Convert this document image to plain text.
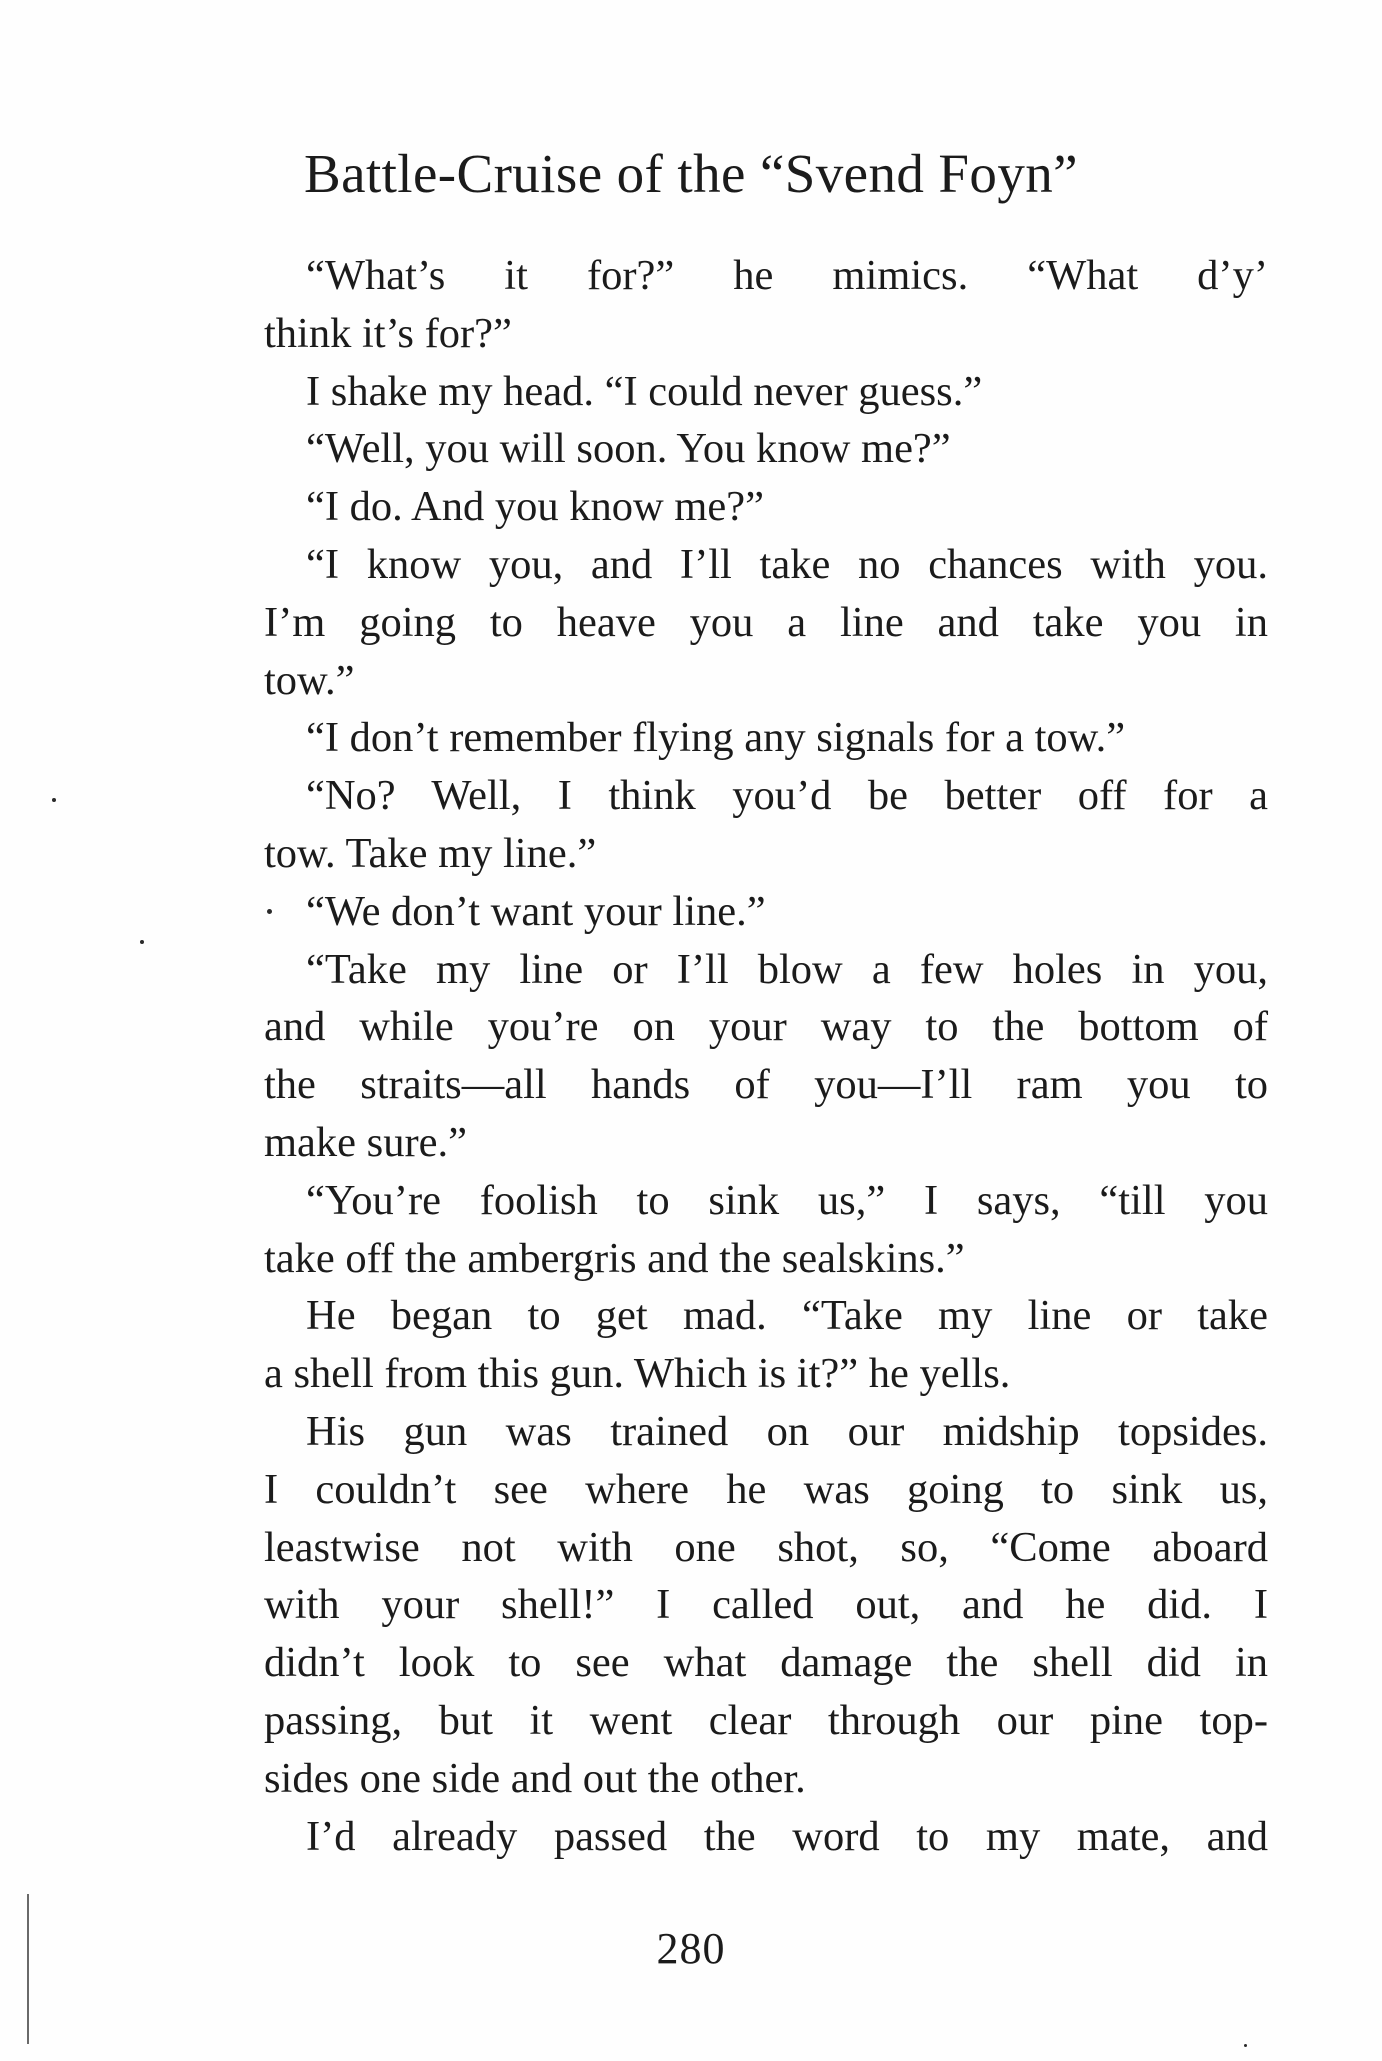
Battle-Cruise of the “Svend Foyn”

“What’s it for?” he mimics. “What d’y’
think it’s for?”

I shake my head. “I could never guess.”

“Well, you will soon. You know me?”

“I do. And you know me?”

“I know you, and I’ll take no chances with you.
I’m going to heave you a line and take you in
tow.”

“I don’t remember flying any signals for a tow.”

“No? Well, I think you’d be better off for a
tow. Take my line.”

“We don’t want your line.”

“Take my line or I’ll blow a few holes in you,
and while you’re on your way to the bottom of
the straits—all hands of you—I’ll ram you to
make sure.”

“You’re foolish to sink us,” I says, “till you
take off the ambergris and the sealskins.”

He began to get mad. “Take my line or take
a shell from this gun. Which is it?” he yells.

His gun was trained on our midship topsides.
I couldn’t see where he was going to sink us,
leastwise not with one shot, so, “Come aboard
with your shell!” I called out, and he did. I
didn’t look to see what damage the shell did in
passing, but it went clear through our pine top-
sides one side and out the other.

I’d already passed the word to my mate, and

280
